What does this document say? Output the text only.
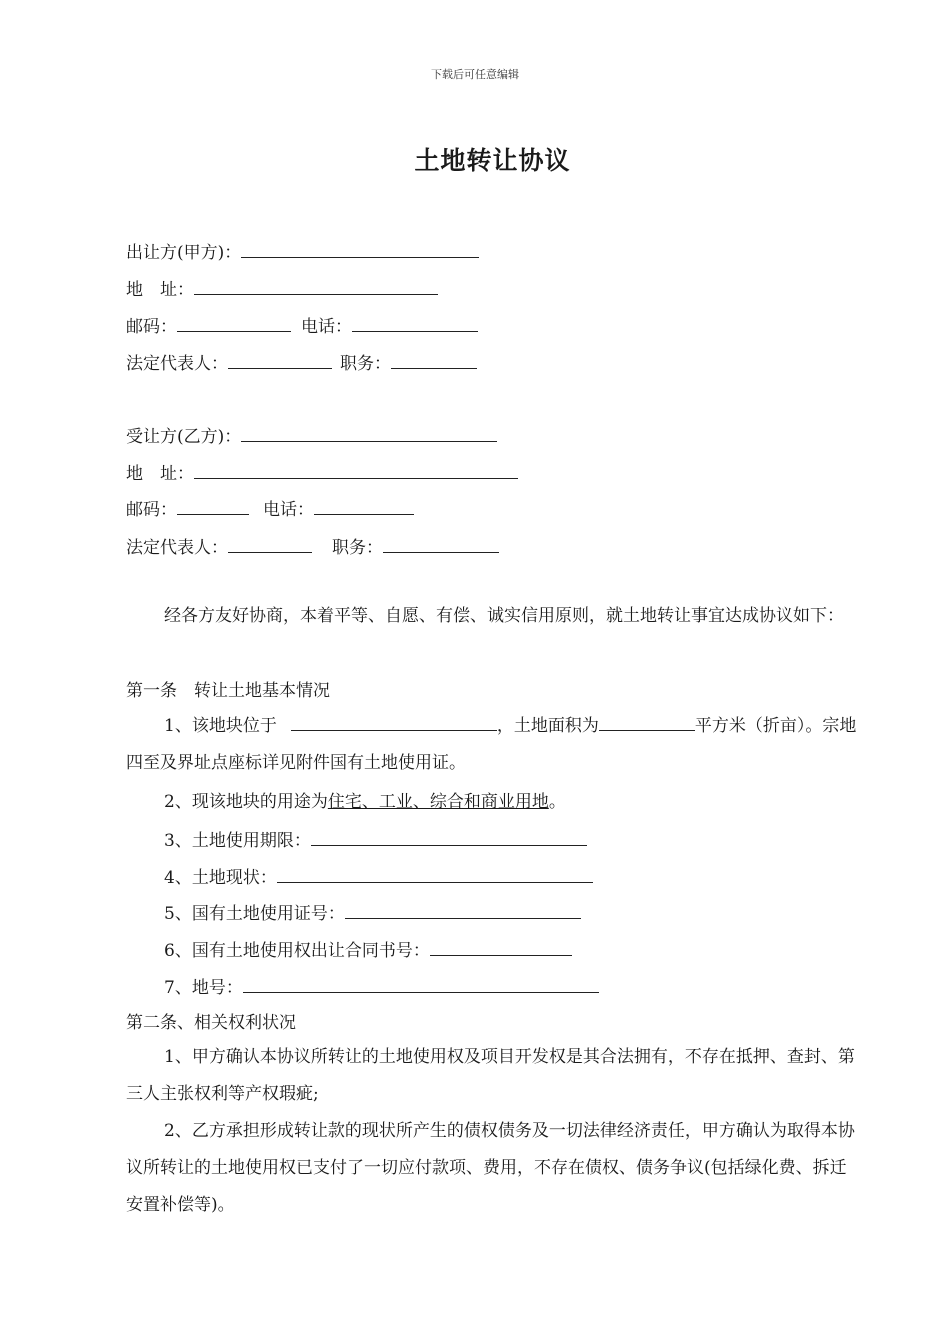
下载后可任意编辑
土地转让协议
出让方(甲方)：
地　址：
邮码：	电话：
法定代表人：	职务：
受让方(乙方)：
地　址：
邮码：	电话：
法定代表人：	职务：
经各方友好协商，本着平等、自愿、有偿、诚实信用原则，就土地转让事宜达成协议如下：
第一条　转让土地基本情况
1、该地块位于	，土地面积为	平方米（折亩）。宗地四至及界址点座标详见附件国有土地使用证。
2、现该地块的用途为住宅、工业、综合和商业用地。
3、土地使用期限：
4、土地现状：
5、国有土地使用证号：
6、国有土地使用权出让合同书号：
7、地号：
第二条、相关权利状况
1、甲方确认本协议所转让的土地使用权及项目开发权是其合法拥有，不存在抵押、查封、第三人主张权利等产权瑕疵;
2、乙方承担形成转让款的现状所产生的债权债务及一切法律经济责任，甲方确认为取得本协议所转让的土地使用权已支付了一切应付款项、费用，不存在债权、债务争议(包括绿化费、拆迁安置补偿等)。
